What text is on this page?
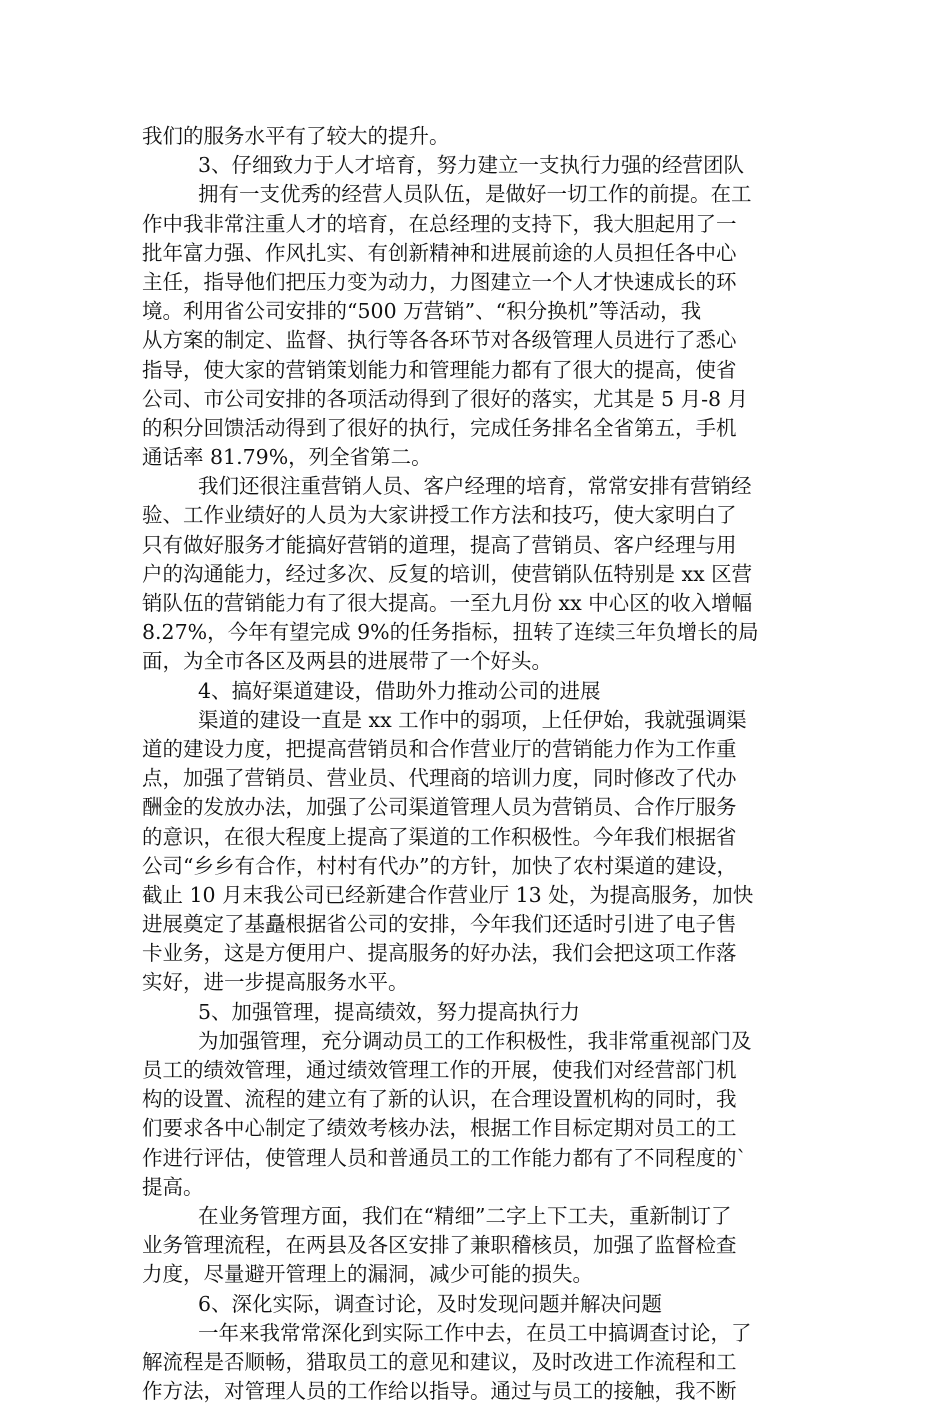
我们的服务水平有了较大的提升。
3、仔细致力于人才培育，努力建立一支执行力强的经营团队
拥有一支优秀的经营人员队伍，是做好一切工作的前提。在工
作中我非常注重人才的培育，在总经理的支持下，我大胆起用了一
批年富力强、作风扎实、有创新精神和进展前途的人员担任各中心
主任，指导他们把压力变为动力，力图建立一个人才快速成长的环
境。利用省公司安排的“500 万营销”、“积分换机”等活动，我
从方案的制定、监督、执行等各各环节对各级管理人员进行了悉心
指导，使大家的营销策划能力和管理能力都有了很大的提高，使省
公司、市公司安排的各项活动得到了很好的落实，尤其是 5 月-8 月
的积分回馈活动得到了很好的执行，完成任务排名全省第五，手机
通话率 81.79%，列全省第二。
我们还很注重营销人员、客户经理的培育，常常安排有营销经
验、工作业绩好的人员为大家讲授工作方法和技巧，使大家明白了
只有做好服务才能搞好营销的道理，提高了营销员、客户经理与用
户的沟通能力，经过多次、反复的培训，使营销队伍特别是 xx 区营
销队伍的营销能力有了很大提高。一至九月份 xx 中心区的收入增幅
8.27%，今年有望完成 9%的任务指标，扭转了连续三年负增长的局
面，为全市各区及两县的进展带了一个好头。
4、搞好渠道建设，借助外力推动公司的进展
渠道的建设一直是 xx 工作中的弱项，上任伊始，我就强调渠
道的建设力度，把提高营销员和合作营业厅的营销能力作为工作重
点，加强了营销员、营业员、代理商的培训力度，同时修改了代办
酬金的发放办法，加强了公司渠道管理人员为营销员、合作厅服务
的意识，在很大程度上提高了渠道的工作积极性。今年我们根据省
公司“乡乡有合作，村村有代办”的方针，加快了农村渠道的建设，
截止 10 月末我公司已经新建合作营业厅 13 处，为提高服务，加快
进展奠定了基矗根据省公司的安排，今年我们还适时引进了电子售
卡业务，这是方便用户、提高服务的好办法，我们会把这项工作落
实好，进一步提高服务水平。
5、加强管理，提高绩效，努力提高执行力
为加强管理，充分调动员工的工作积极性，我非常重视部门及
员工的绩效管理，通过绩效管理工作的开展，使我们对经营部门机
构的设置、流程的建立有了新的认识，在合理设置机构的同时，我
们要求各中心制定了绩效考核办法，根据工作目标定期对员工的工
作进行评估，使管理人员和普通员工的工作能力都有了不同程度的`
提高。
在业务管理方面，我们在“精细”二字上下工夫，重新制订了
业务管理流程，在两县及各区安排了兼职稽核员，加强了监督检查
力度，尽量避开管理上的漏洞，减少可能的损失。
6、深化实际，调查讨论，及时发现问题并解决问题
一年来我常常深化到实际工作中去，在员工中搞调查讨论，了
解流程是否顺畅，猎取员工的意见和建议，及时改进工作流程和工
作方法，对管理人员的工作给以指导。通过与员工的接触，我不断
